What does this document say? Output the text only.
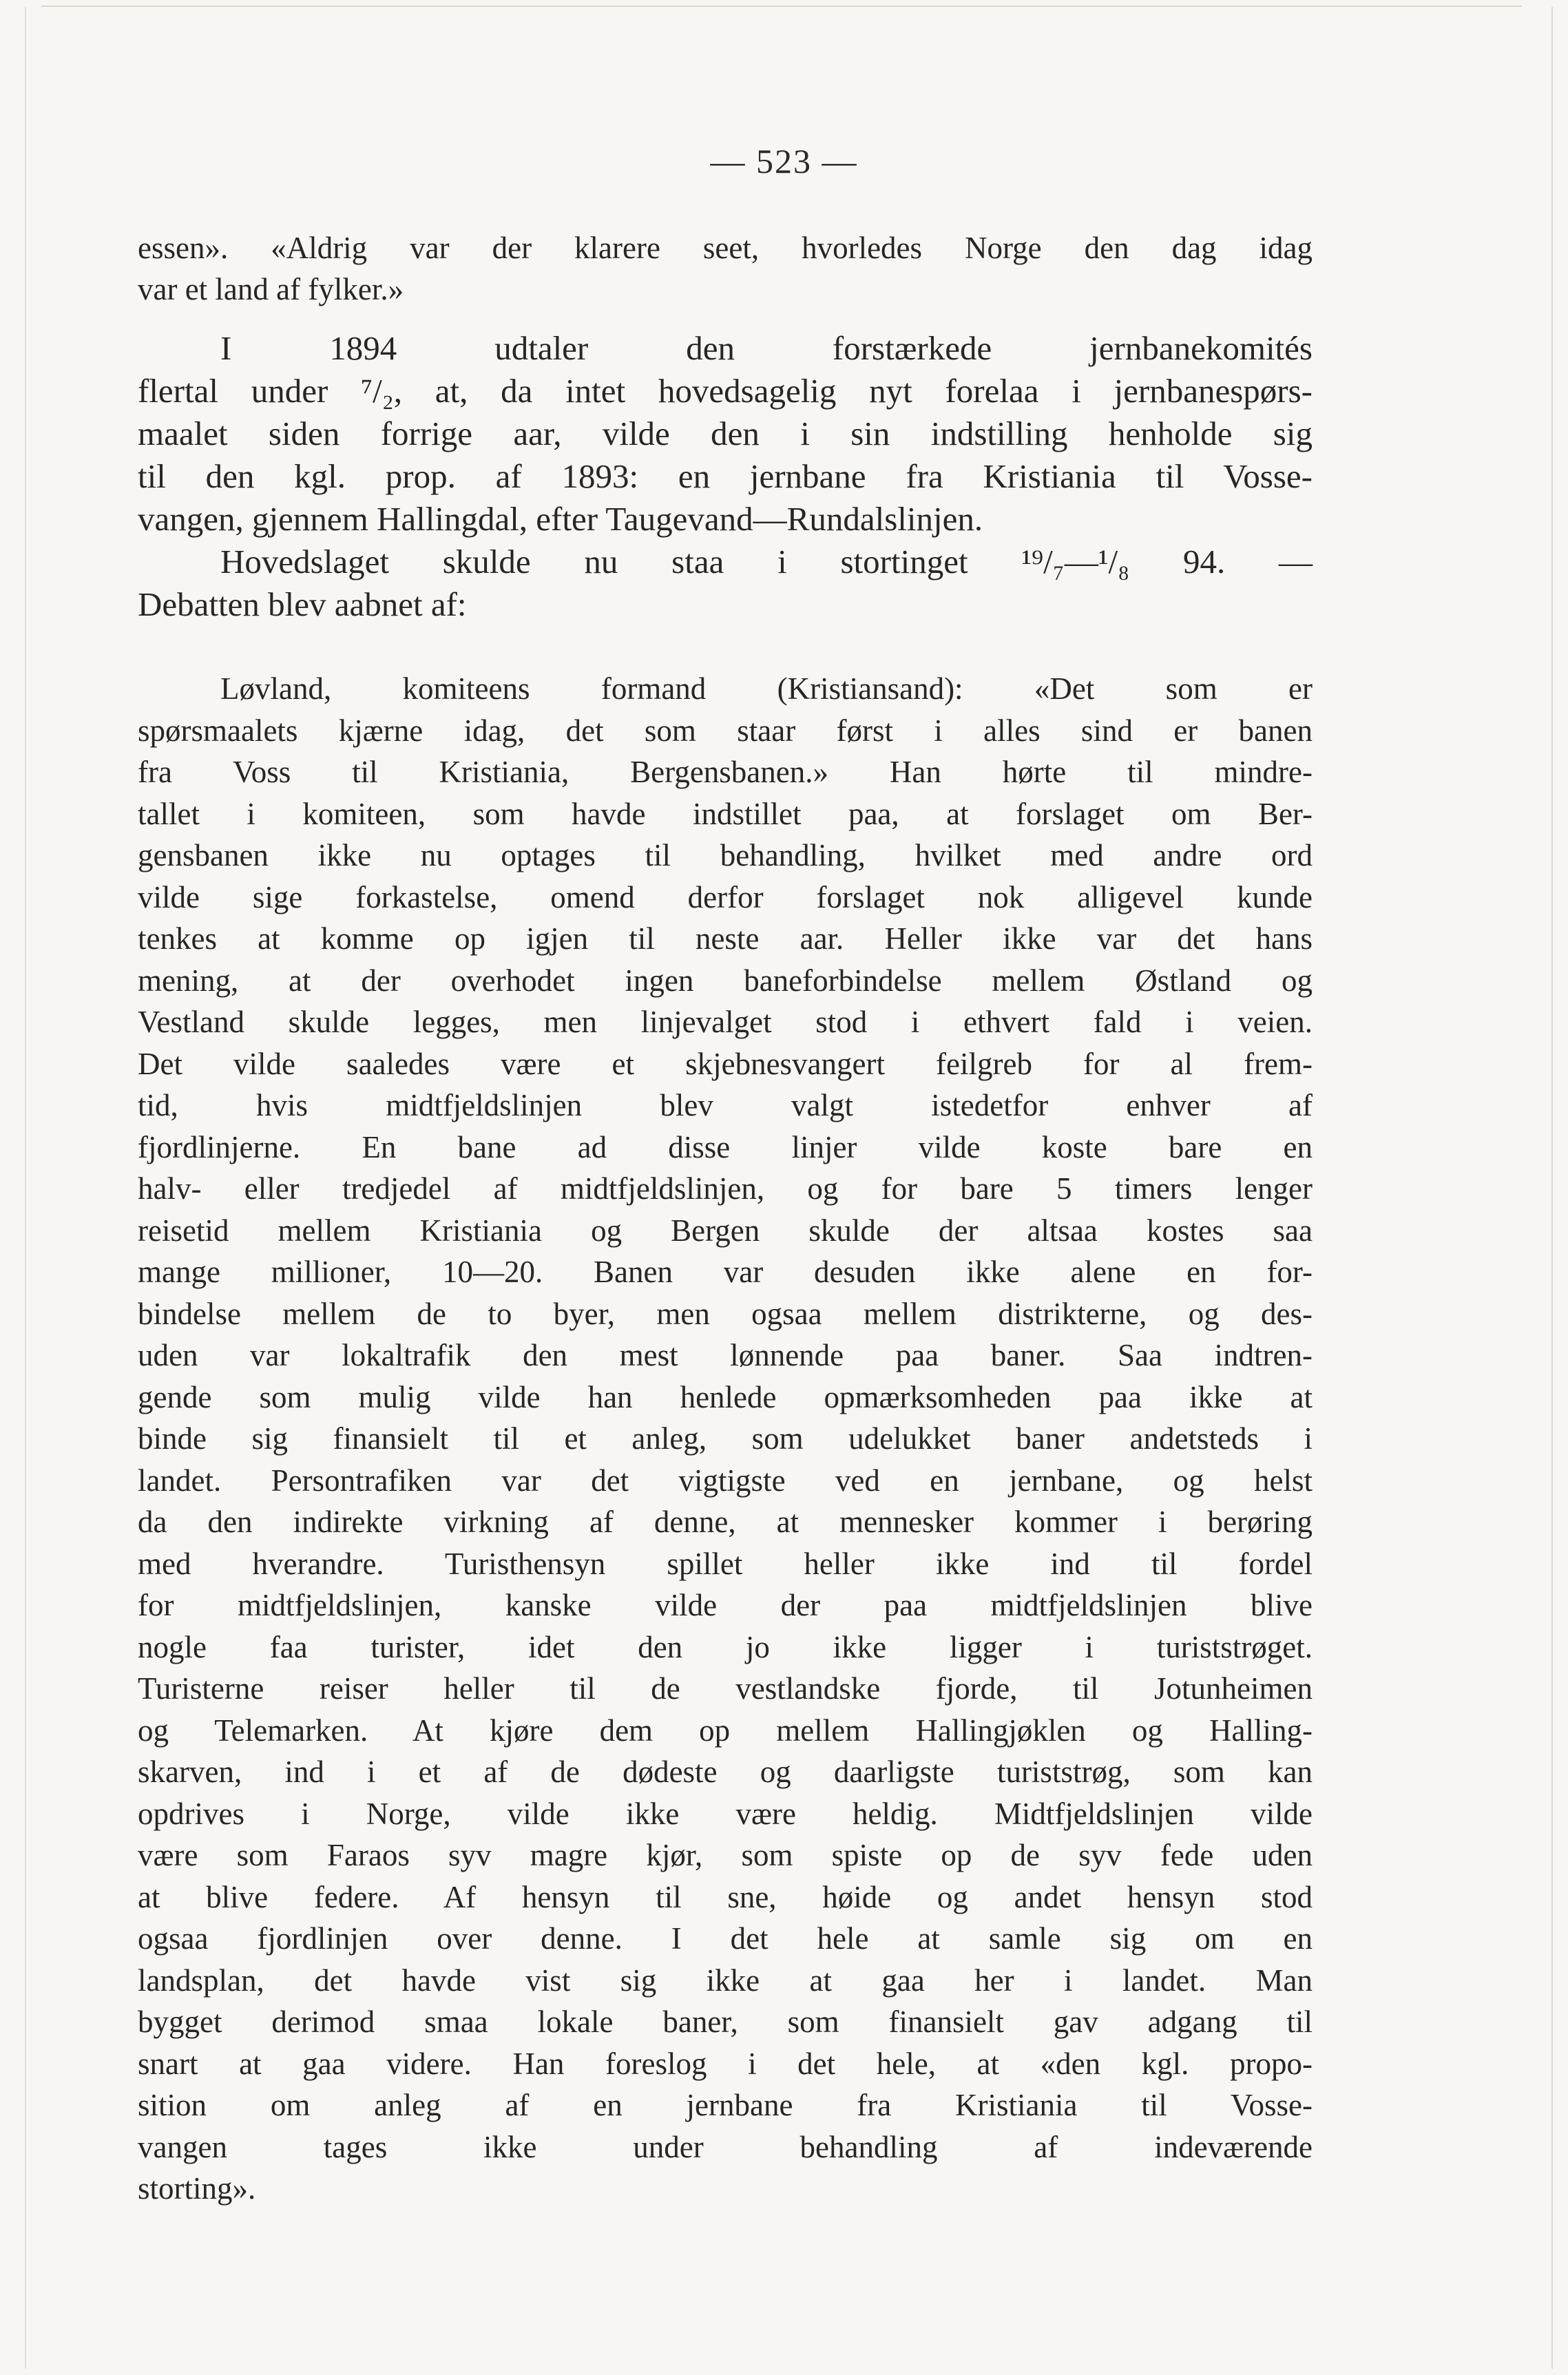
— 523 —
essen». «Aldrig var der klarere seet, hvorledes Norge den dag idag
var et land af fylker.»
I 1894 udtaler den forstærkede jernbanekomités
flertal under ⁷/₂, at, da intet hovedsagelig nyt forelaa i jernbanespørs-
maalet siden forrige aar, vilde den i sin indstilling henholde sig
til den kgl. prop. af 1893: en jernbane fra Kristiania til Vosse-
vangen, gjennem Hallingdal, efter Taugevand—Rundalslinjen.
Hovedslaget skulde nu staa i stortinget ¹⁹/₇—¹/₈ 94. —
Debatten blev aabnet af:
Løvland, komiteens formand (Kristiansand): «Det som er
spørsmaalets kjærne idag, det som staar først i alles sind er banen
fra Voss til Kristiania, Bergensbanen.» Han hørte til mindre-
tallet i komiteen, som havde indstillet paa, at forslaget om Ber-
gensbanen ikke nu optages til behandling, hvilket med andre ord
vilde sige forkastelse, omend derfor forslaget nok alligevel kunde
tenkes at komme op igjen til neste aar. Heller ikke var det hans
mening, at der overhodet ingen baneforbindelse mellem Østland og
Vestland skulde legges, men linjevalget stod i ethvert fald i veien.
Det vilde saaledes være et skjebnesvangert feilgreb for al frem-
tid, hvis midtfjeldslinjen blev valgt istedetfor enhver af
fjordlinjerne. En bane ad disse linjer vilde koste bare en
halv- eller tredjedel af midtfjeldslinjen, og for bare 5 timers lenger
reisetid mellem Kristiania og Bergen skulde der altsaa kostes saa
mange millioner, 10—20. Banen var desuden ikke alene en for-
bindelse mellem de to byer, men ogsaa mellem distrikterne, og des-
uden var lokaltrafik den mest lønnende paa baner. Saa indtren-
gende som mulig vilde han henlede opmærksomheden paa ikke at
binde sig finansielt til et anleg, som udelukket baner andetsteds i
landet. Persontrafiken var det vigtigste ved en jernbane, og helst
da den indirekte virkning af denne, at mennesker kommer i berøring
med hverandre. Turisthensyn spillet heller ikke ind til fordel
for midtfjeldslinjen, kanske vilde der paa midtfjeldslinjen blive
nogle faa turister, idet den jo ikke ligger i turiststrøget.
Turisterne reiser heller til de vestlandske fjorde, til Jotunheimen
og Telemarken. At kjøre dem op mellem Hallingjøklen og Halling-
skarven, ind i et af de dødeste og daarligste turiststrøg, som kan
opdrives i Norge, vilde ikke være heldig. Midtfjeldslinjen vilde
være som Faraos syv magre kjør, som spiste op de syv fede uden
at blive federe. Af hensyn til sne, høide og andet hensyn stod
ogsaa fjordlinjen over denne. I det hele at samle sig om en
landsplan, det havde vist sig ikke at gaa her i landet. Man
bygget derimod smaa lokale baner, som finansielt gav adgang til
snart at gaa videre. Han foreslog i det hele, at «den kgl. propo-
sition om anleg af en jernbane fra Kristiania til Vosse-
vangen tages ikke under behandling af indeværende
storting».
